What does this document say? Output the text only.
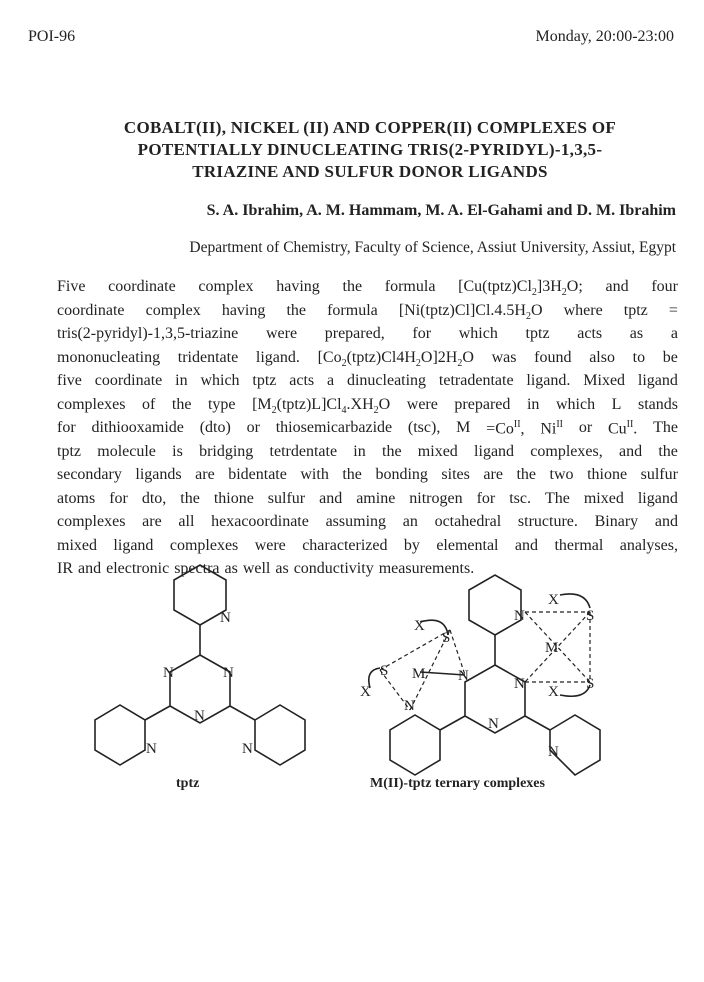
POI-96	Monday, 20:00-23:00
COBALT(II), NICKEL (II) AND COPPER(II) COMPLEXES OF
POTENTIALLY DINUCLEATING TRIS(2-PYRIDYL)-1,3,5-
TRIAZINE AND SULFUR DONOR LIGANDS
S. A. Ibrahim, A. M. Hammam, M. A. El-Gahami and D. M. Ibrahim
Department of Chemistry, Faculty of Science, Assiut University, Assiut, Egypt
Five coordinate complex having the formula $[Cu(tptz)Cl_2]3H_2O$; and four
coordinate complex having the formula $[Ni(tptz)Cl]Cl.4.5H_2O$ where tptz =
tris(2-pyridyl)-1,3,5-triazine were prepared, for which tptz acts as a
mononucleating tridentate ligand. $[Co_2(tptz)Cl4H_2O]2H_2O$ was found also to be
five coordinate in which tptz acts a dinucleating tetradentate ligand. Mixed ligand
complexes of the type $[M_2(tptz)L]Cl_4.XH_2O$ were prepared in which L stands
for dithiooxamide (dto) or thiosemicarbazide (tsc), $M =Co^{II}$, $Ni^{II}$ or $Cu^{II}$. The
tptz molecule is bridging tetrdentate in the mixed ligand complexes, and the
secondary ligands are bidentate with the bonding sites are the two thione sulfur
atoms for dto, the thione sulfur and amine nitrogen for tsc. The mixed ligand
complexes are all hexacoordinate assuming an octahedral structure. Binary and
mixed ligand complexes were characterized by elemental and thermal analyses,
IR and electronic spectra as well as conductivity measurements.
N
N	N
N
N	N
N
N
N
N
N
N
M
M
S
S
S
S
X
X
X
X
tptz	M(II)-tptz ternary complexes
